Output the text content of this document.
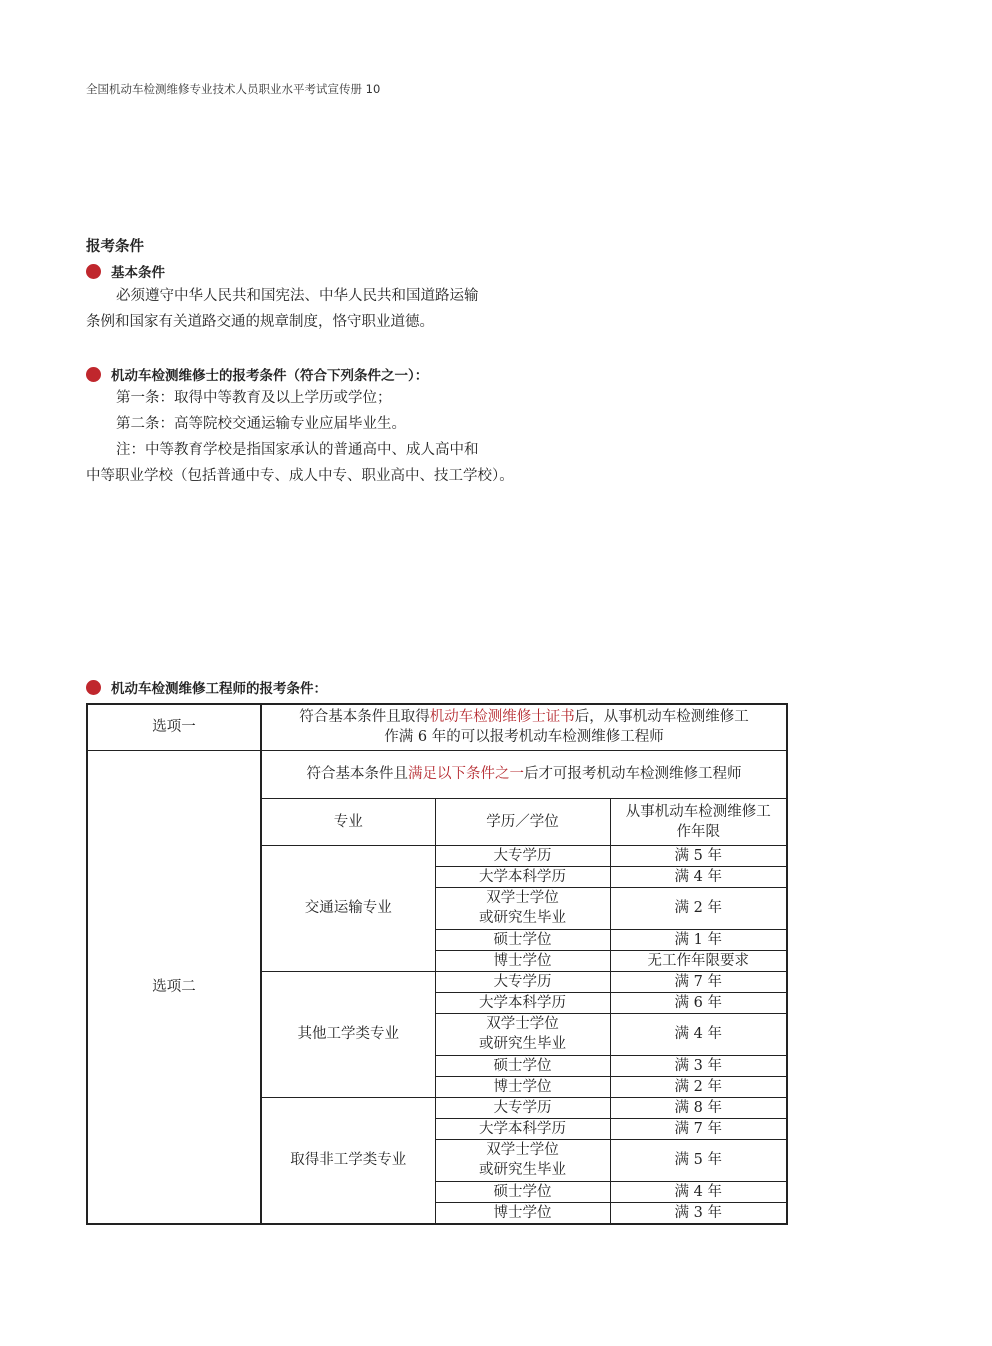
全国机动车检测维修专业技术人员职业水平考试宣传册 10
报考条件
基本条件
必须遵守中华人民共和国宪法、中华人民共和国道路运输
条例和国家有关道路交通的规章制度，恪守职业道德。
机动车检测维修士的报考条件（符合下列条件之一）：
第一条：取得中等教育及以上学历或学位；
第二条：高等院校交通运输专业应届毕业生。
注：中等教育学校是指国家承认的普通高中、成人高中和
中等职业学校（包括普通中专、成人中专、职业高中、技工学校）。
机动车检测维修工程师的报考条件：
选项一	符合基本条件且取得机动车检测维修士证书后，从事机动车检测维修工
作满 6 年的可以报考机动车检测维修工程师		
选项二	符合基本条件且满足以下条件之一后才可报考机动车检测维修工程师		
	专业	学历／学位	从事机动车检测维修工
作年限
	交通运输专业	大专学历	满 5 年
		大学本科学历	满 4 年
		双学士学位
或研究生毕业	满 2 年
		硕士学位	满 1 年
		博士学位	无工作年限要求
	其他工学类专业	大专学历	满 7 年
		大学本科学历	满 6 年
		双学士学位
或研究生毕业	满 4 年
		硕士学位	满 3 年
		博士学位	满 2 年
	取得非工学类专业	大专学历	满 8 年
		大学本科学历	满 7 年
		双学士学位
或研究生毕业	满 5 年
		硕士学位	满 4 年
		博士学位	满 3 年
